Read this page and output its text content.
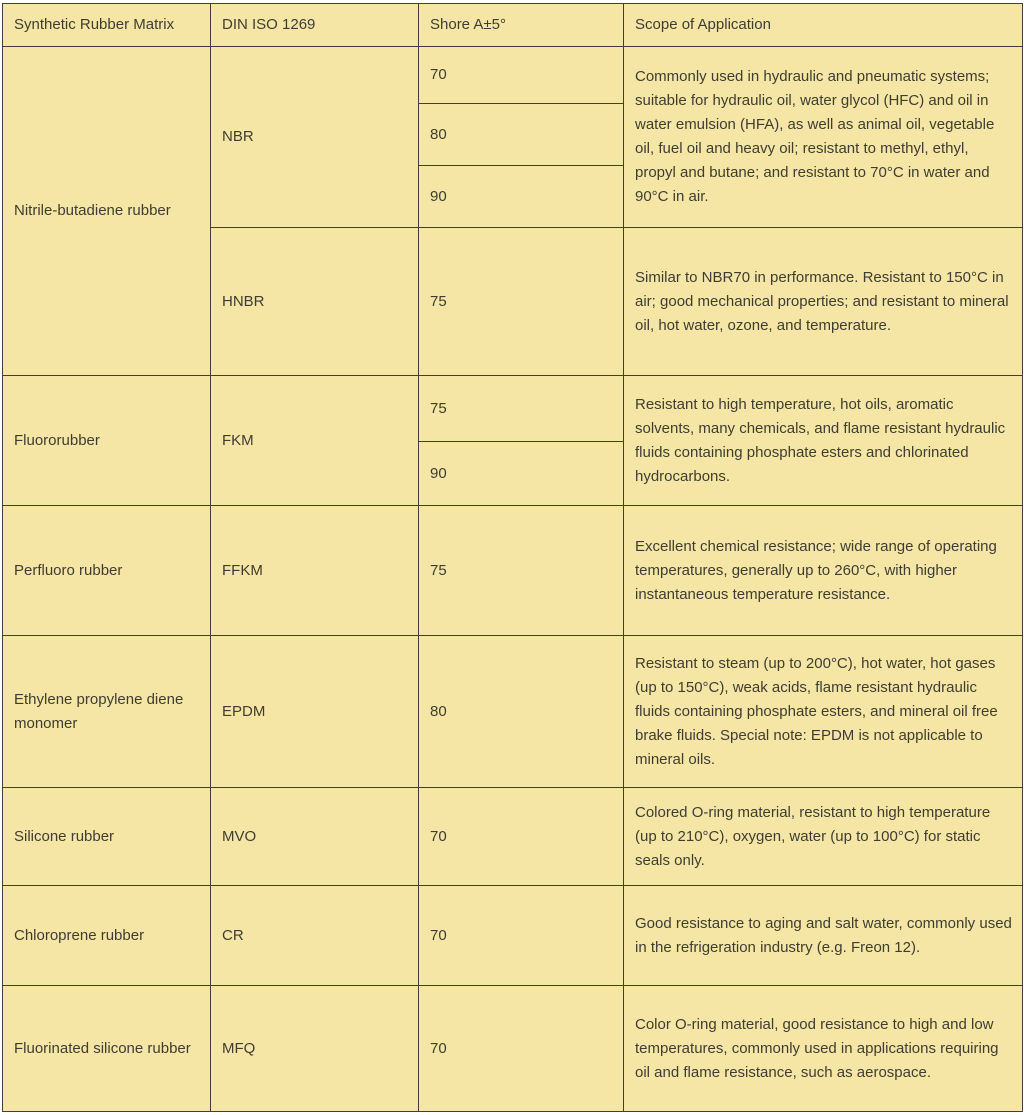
Synthetic Rubber Matrix	DIN ISO 1269	Shore A±5°	Scope of Application
Nitrile-butadiene rubber	NBR	70	Commonly used in hydraulic and pneumatic systems; suitable for hydraulic oil, water glycol (HFC) and oil in water emulsion (HFA), as well as animal oil, vegetable oil, fuel oil and heavy oil; resistant to methyl, ethyl, propyl and butane; and resistant to 70°C in water and 90°C in air.
		80	
		90	
	HNBR	75	Similar to NBR70 in performance. Resistant to 150°C in air; good mechanical properties; and resistant to mineral oil, hot water, ozone, and temperature.
Fluororubber	FKM	75	Resistant to high temperature, hot oils, aromatic solvents, many chemicals, and flame resistant hydraulic fluids containing phosphate esters and chlorinated hydrocarbons.
		90	
Perfluoro rubber	FFKM	75	Excellent chemical resistance; wide range of operating temperatures, generally up to 260°C, with higher instantaneous temperature resistance.
Ethylene propylene diene monomer	EPDM	80	Resistant to steam (up to 200°C), hot water, hot gases (up to 150°C), weak acids, flame resistant hydraulic fluids containing phosphate esters, and mineral oil free brake fluids. Special note: EPDM is not applicable to mineral oils.
Silicone rubber	MVO	70	Colored O-ring material, resistant to high temperature (up to 210°C), oxygen, water (up to 100°C) for static seals only.
Chloroprene rubber	CR	70	Good resistance to aging and salt water, commonly used in the refrigeration industry (e.g. Freon 12).
Fluorinated silicone rubber	MFQ	70	Color O-ring material, good resistance to high and low temperatures, commonly used in applications requiring oil and flame resistance, such as aerospace.
